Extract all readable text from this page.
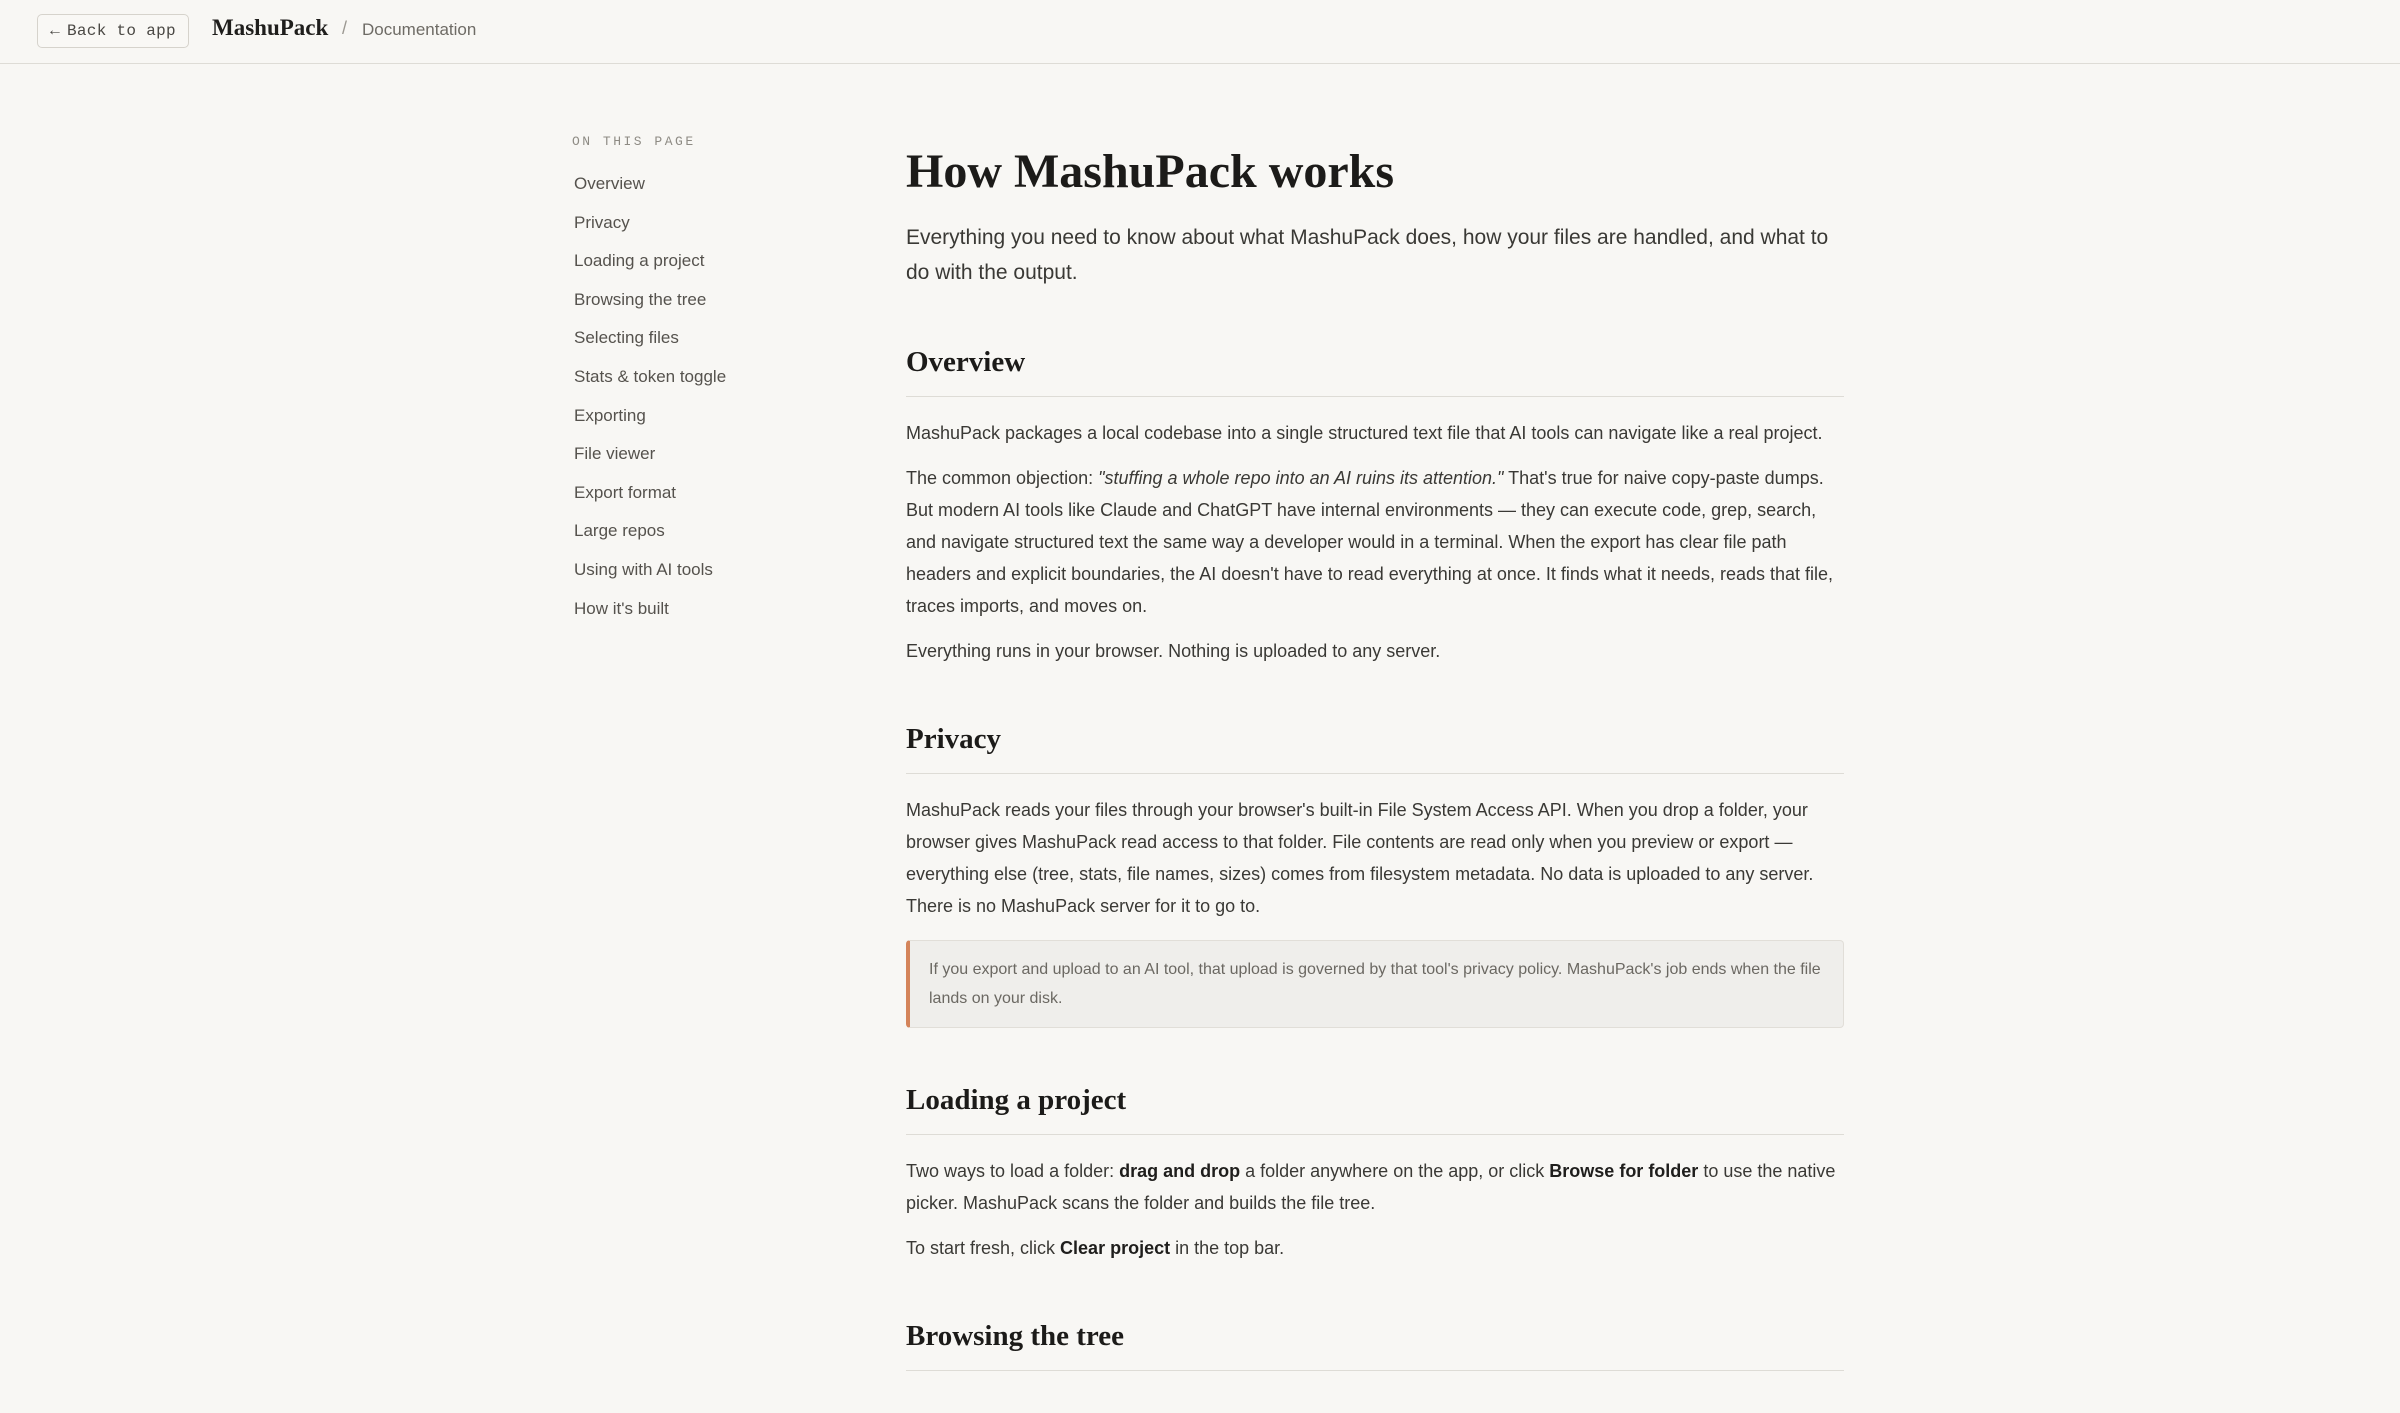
← Back to app MashuPack / Documentation
ON THIS PAGE
Overview
Privacy
Loading a project
Browsing the tree
Selecting files
Stats & token toggle
Exporting
File viewer
Export format
Large repos
Using with AI tools
How it's built
How MashuPack works

Everything you need to know about what MashuPack does, how your files are handled, and what to do with the output.

Overview

MashuPack packages a local codebase into a single structured text file that AI tools can navigate like a real project.

The common objection: "stuffing a whole repo into an AI ruins its attention." That's true for naive copy-paste dumps. But modern AI tools like Claude and ChatGPT have internal environments — they can execute code, grep, search, and navigate structured text the same way a developer would in a terminal. When the export has clear file path headers and explicit boundaries, the AI doesn't have to read everything at once. It finds what it needs, reads that file, traces imports, and moves on.

Everything runs in your browser. Nothing is uploaded to any server.

Privacy

MashuPack reads your files through your browser's built-in File System Access API. When you drop a folder, your browser gives MashuPack read access to that folder. File contents are read only when you preview or export — everything else (tree, stats, file names, sizes) comes from filesystem metadata. No data is uploaded to any server. There is no MashuPack server for it to go to.

If you export and upload to an AI tool, that upload is governed by that tool's privacy policy. MashuPack's job ends when the file lands on your disk.
Loading a project

Two ways to load a folder: drag and drop a folder anywhere on the app, or click Browse for folder to use the native picker. MashuPack scans the folder and builds the file tree.

To start fresh, click Clear project in the top bar.

Browsing the tree
